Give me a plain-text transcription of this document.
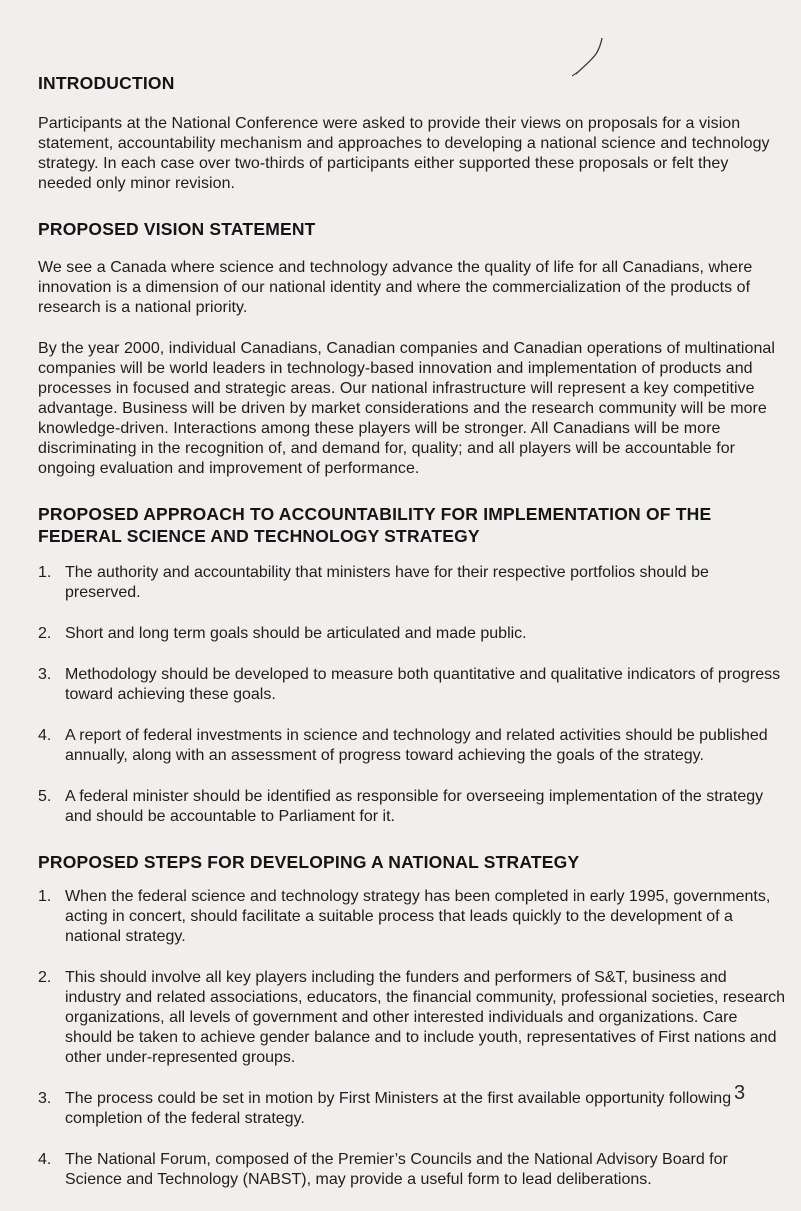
INTRODUCTION

Participants at the National Conference were asked to provide their views on proposals for a vision statement, accountability mechanism and approaches to developing a national science and technology strategy. In each case over two-thirds of participants either supported these proposals or felt they needed only minor revision.

PROPOSED VISION STATEMENT

We see a Canada where science and technology advance the quality of life for all Canadians, where innovation is a dimension of our national identity and where the commercialization of the products of research is a national priority.

By the year 2000, individual Canadians, Canadian companies and Canadian operations of multinational companies will be world leaders in technology-based innovation and implementation of products and processes in focused and strategic areas. Our national infrastructure will represent a key competitive advantage. Business will be driven by market considerations and the research community will be more knowledge-driven. Interactions among these players will be stronger. All Canadians will be more discriminating in the recognition of, and demand for, quality; and all players will be accountable for ongoing evaluation and improvement of performance.

PROPOSED APPROACH TO ACCOUNTABILITY FOR IMPLEMENTATION OF THE FEDERAL SCIENCE AND TECHNOLOGY STRATEGY
1. The authority and accountability that ministers have for their respective portfolios should be preserved.
2. Short and long term goals should be articulated and made public.
3. Methodology should be developed to measure both quantitative and qualitative indicators of progress toward achieving these goals.
4. A report of federal investments in science and technology and related activities should be published annually, along with an assessment of progress toward achieving the goals of the strategy.
5. A federal minister should be identified as responsible for overseeing implementation of the strategy and should be accountable to Parliament for it.
PROPOSED STEPS FOR DEVELOPING A NATIONAL STRATEGY
1. When the federal science and technology strategy has been completed in early 1995, governments, acting in concert, should facilitate a suitable process that leads quickly to the development of a national strategy.
2. This should involve all key players including the funders and performers of S&T, business and industry and related associations, educators, the financial community, professional societies, research organizations, all levels of government and other interested individuals and organizations. Care should be taken to achieve gender balance and to include youth, representatives of First nations and other under-represented groups.
3. The process could be set in motion by First Ministers at the first available opportunity following completion of the federal strategy.
4. The National Forum, composed of the Premier’s Councils and the National Advisory Board for Science and Technology (NABST), may provide a useful form to lead deliberations.
3
